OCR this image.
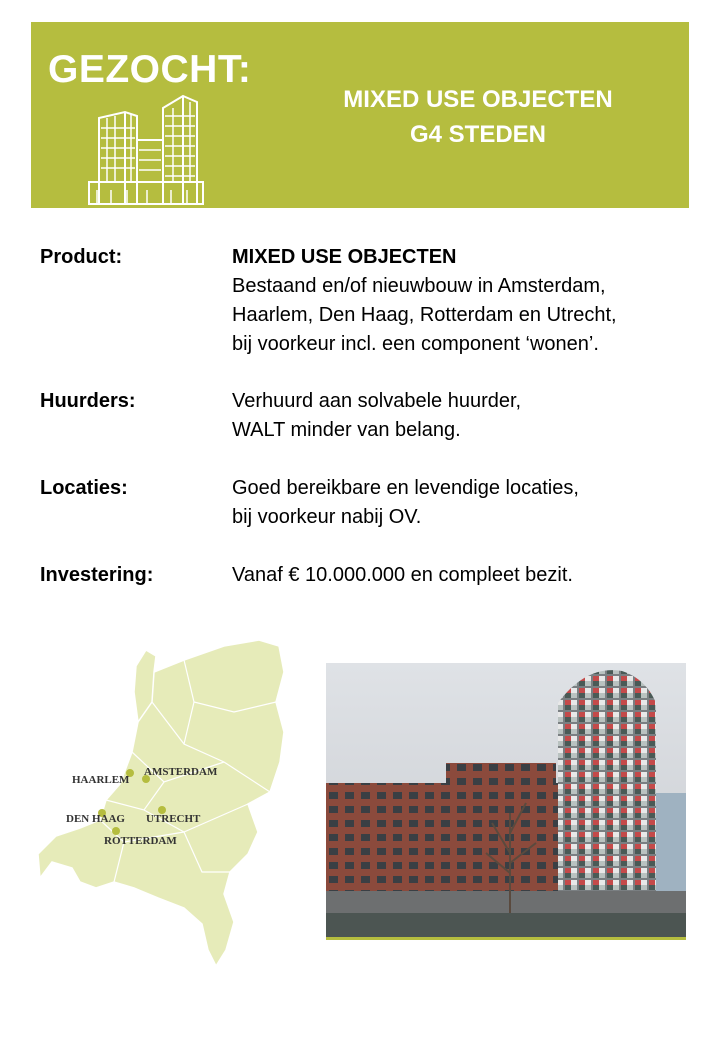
GEZOCHT:
MIXED USE OBJECTEN
G4 STEDEN
Product:	MIXED USE OBJECTEN
Bestaand en/of nieuwbouw in Amsterdam,
Haarlem, Den Haag, Rotterdam en Utrecht,
bij voorkeur incl. een component ‘wonen’.
Huurders:	Verhuurd aan solvabele huurder,
WALT minder van belang.
Locaties:	Goed bereikbare en levendige locaties,
bij voorkeur nabij OV.
Investering:	Vanaf € 10.000.000 en compleet bezit.
AMSTERDAM
HAARLEM
DEN HAAG UTRECHT
ROTTERDAM
